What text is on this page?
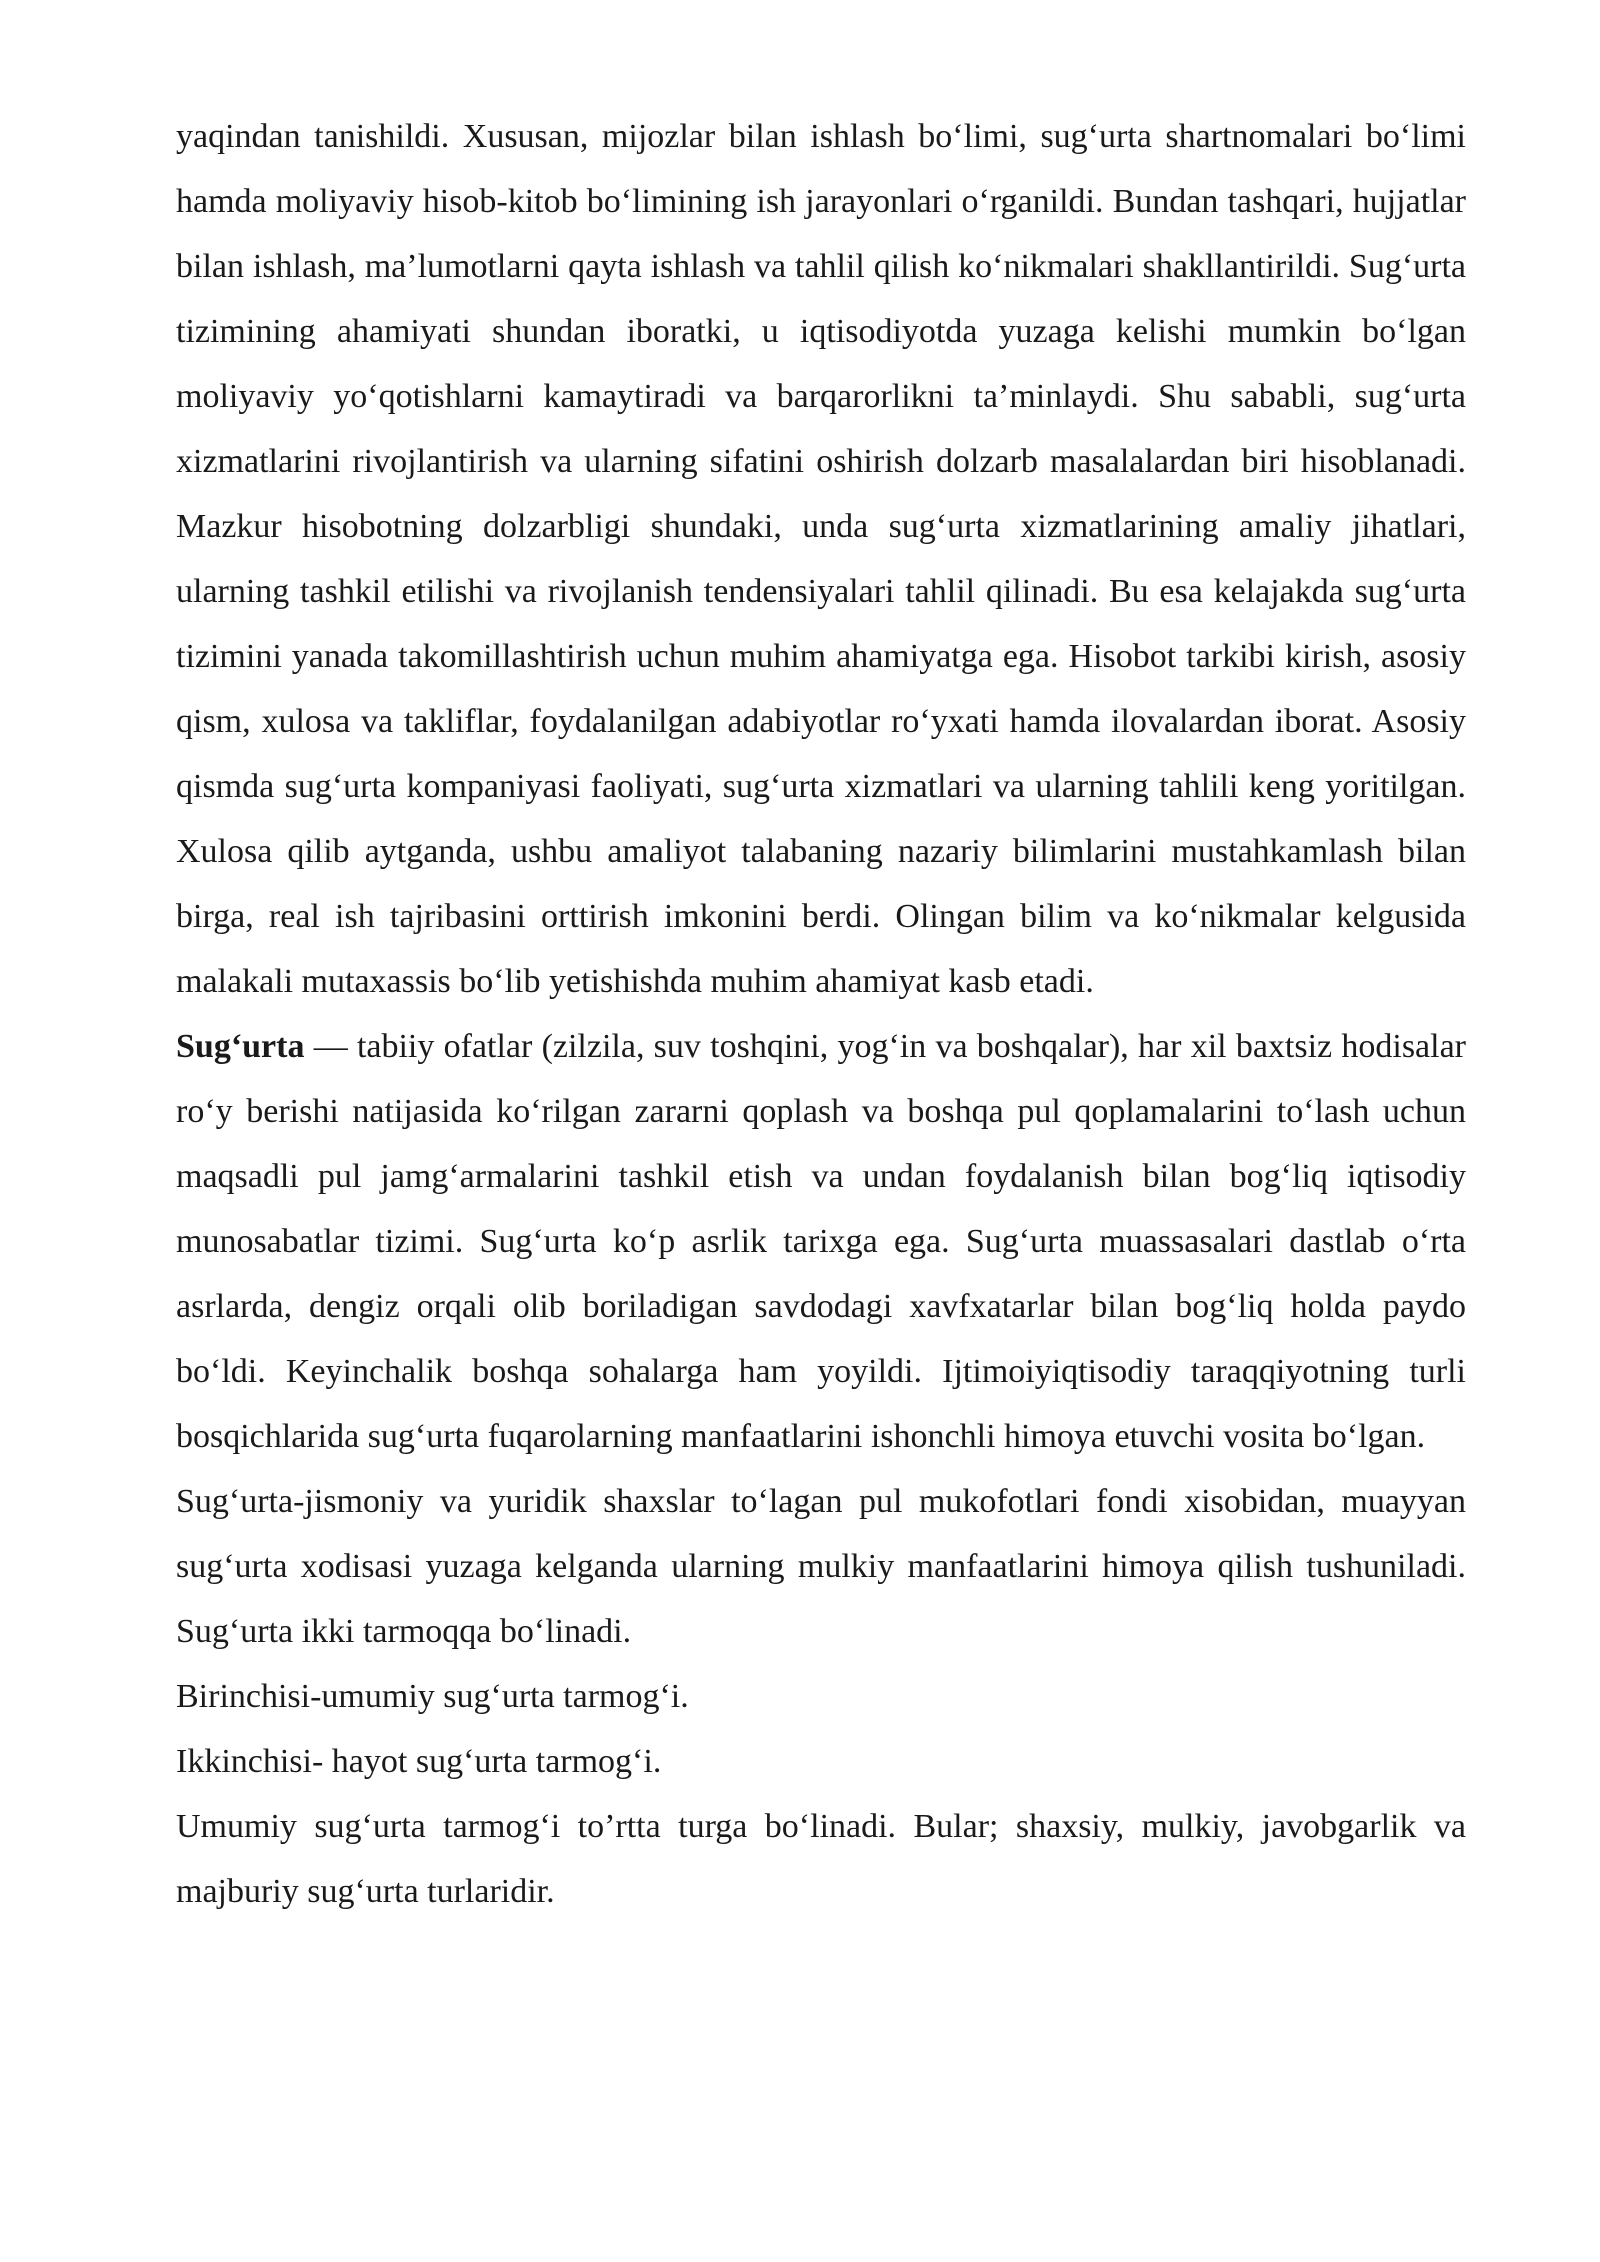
yaqindan tanishildi. Xususan, mijozlar bilan ishlash bo‘limi, sug‘urta shartnomalari bo‘limi hamda moliyaviy hisob-kitob bo‘limining ish jarayonlari o‘rganildi. Bundan tashqari, hujjatlar bilan ishlash, ma’lumotlarni qayta ishlash va tahlil qilish ko‘nikmalari shakllantirildi. Sug‘urta tizimining ahamiyati shundan iboratki, u iqtisodiyotda yuzaga kelishi mumkin bo‘lgan moliyaviy yo‘qotishlarni kamaytiradi va barqarorlikni ta’minlaydi. Shu sababli, sug‘urta xizmatlarini rivojlantirish va ularning sifatini oshirish dolzarb masalalardan biri hisoblanadi. Mazkur hisobotning dolzarbligi shundaki, unda sug‘urta xizmatlarining amaliy jihatlari, ularning tashkil etilishi va rivojlanish tendensiyalari tahlil qilinadi. Bu esa kelajakda sug‘urta tizimini yanada takomillashtirish uchun muhim ahamiyatga ega. Hisobot tarkibi kirish, asosiy qism, xulosa va takliflar, foydalanilgan adabiyotlar ro‘yxati hamda ilovalardan iborat. Asosiy qismda sug‘urta kompaniyasi faoliyati, sug‘urta xizmatlari va ularning tahlili keng yoritilgan. Xulosa qilib aytganda, ushbu amaliyot talabaning nazariy bilimlarini mustahkamlash bilan birga, real ish tajribasini orttirish imkonini berdi. Olingan bilim va ko‘nikmalar kelgusida malakali mutaxassis bo‘lib yetishishda muhim ahamiyat kasb etadi.

Sug‘urta — tabiiy ofatlar (zilzila, suv toshqini, yog‘in va boshqalar), har xil baxtsiz hodisalar ro‘y berishi natijasida ko‘rilgan zararni qoplash va boshqa pul qoplamalarini to‘lash uchun maqsadli pul jamg‘armalarini tashkil etish va undan foydalanish bilan bog‘liq iqtisodiy munosabatlar tizimi. Sug‘urta ko‘p asrlik tarixga ega. Sug‘urta muassasalari dastlab o‘rta asrlarda, dengiz orqali olib boriladigan savdodagi xavfxatarlar bilan bog‘liq holda paydo bo‘ldi. Keyinchalik boshqa sohalarga ham yoyildi. Ijtimoiyiqtisodiy taraqqiyotning turli bosqichlarida sug‘urta fuqarolarning manfaatlarini ishonchli himoya etuvchi vosita bo‘lgan.

Sug‘urta-jismoniy va yuridik shaxslar to‘lagan pul mukofotlari fondi xisobidan, muayyan sug‘urta xodisasi yuzaga kelganda ularning mulkiy manfaatlarini himoya qilish tushuniladi. Sug‘urta ikki tarmoqqa bo‘linadi.

Birinchisi-umumiy sug‘urta tarmog‘i.

Ikkinchisi- hayot sug‘urta tarmog‘i.

Umumiy sug‘urta tarmog‘i to’rtta turga bo‘linadi. Bular; shaxsiy, mulkiy, javobgarlik va majburiy sug‘urta turlaridir.
